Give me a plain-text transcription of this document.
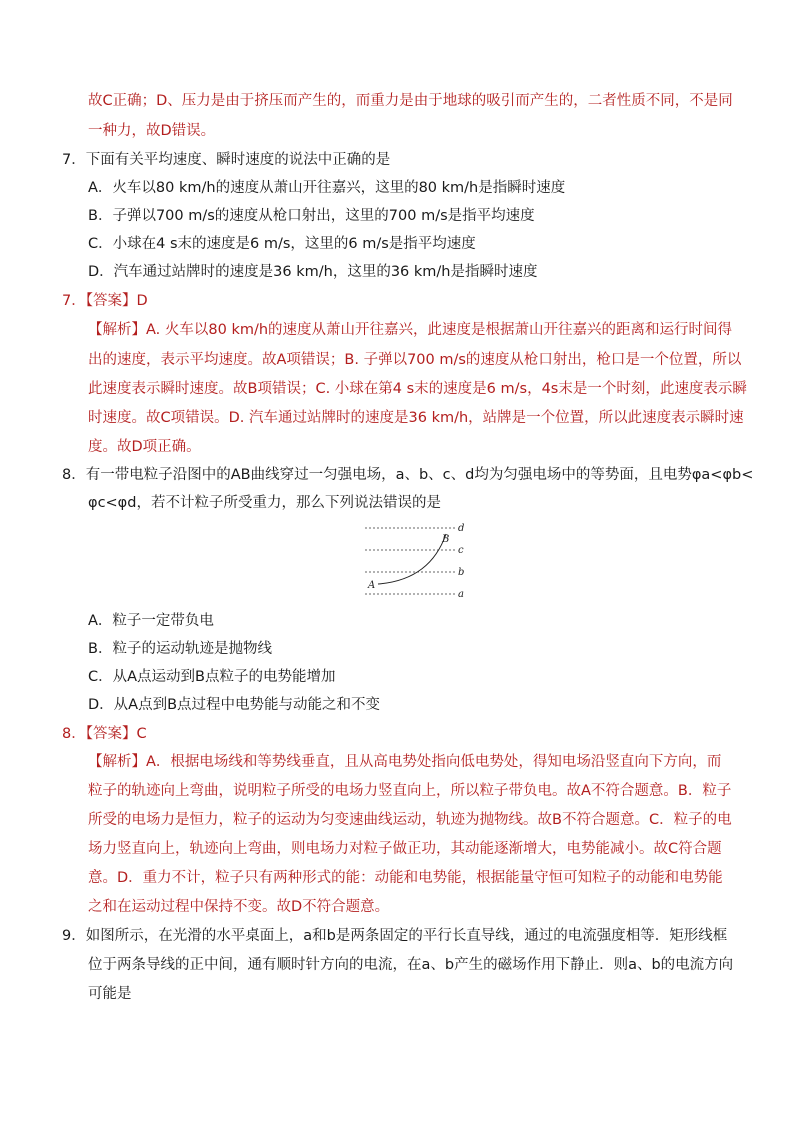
故C正确；D、压力是由于挤压而产生的，而重力是由于地球的吸引而产生的，二者性质不同，不是同
一种力，故D错误。
7．下面有关平均速度、瞬时速度的说法中正确的是
A．火车以80 km/h的速度从萧山开往嘉兴，这里的80 km/h是指瞬时速度
B．子弹以700 m/s的速度从枪口射出，这里的700 m/s是指平均速度
C．小球在4 s末的速度是6 m/s，这里的6 m/s是指平均速度
D．汽车通过站牌时的速度是36 km/h，这里的36 km/h是指瞬时速度
7．【答案】D
【解析】A. 火车以80 km/h的速度从萧山开往嘉兴，此速度是根据萧山开往嘉兴的距离和运行时间得
出的速度，表示平均速度。故A项错误；B. 子弹以700 m/s的速度从枪口射出，枪口是一个位置，所以
此速度表示瞬时速度。故B项错误；C. 小球在第4 s末的速度是6 m/s，4s末是一个时刻，此速度表示瞬
时速度。故C项错误。D. 汽车通过站牌时的速度是36 km/h，站牌是一个位置，所以此速度表示瞬时速
度。故D项正确。
8．有一带电粒子沿图中的AB曲线穿过一匀强电场，a、b、c、d均为匀强电场中的等势面，且电势φa<φb<
φc<φd，若不计粒子所受重力，那么下列说法错误的是
d
c
b
a
A
B
A．粒子一定带负电
B．粒子的运动轨迹是抛物线
C．从A点运动到B点粒子的电势能增加
D．从A点到B点过程中电势能与动能之和不变
8．【答案】C
【解析】A．根据电场线和等势线垂直，且从高电势处指向低电势处，得知电场沿竖直向下方向，而
粒子的轨迹向上弯曲，说明粒子所受的电场力竖直向上，所以粒子带负电。故A不符合题意。B．粒子
所受的电场力是恒力，粒子的运动为匀变速曲线运动，轨迹为抛物线。故B不符合题意。C．粒子的电
场力竖直向上，轨迹向上弯曲，则电场力对粒子做正功，其动能逐渐增大，电势能减小。故C符合题
意。D．重力不计，粒子只有两种形式的能：动能和电势能，根据能量守恒可知粒子的动能和电势能
之和在运动过程中保持不变。故D不符合题意。
9．如图所示，在光滑的水平桌面上，a和b是两条固定的平行长直导线，通过的电流强度相等．矩形线框
位于两条导线的正中间，通有顺时针方向的电流，在a、b产生的磁场作用下静止．则a、b的电流方向
可能是
